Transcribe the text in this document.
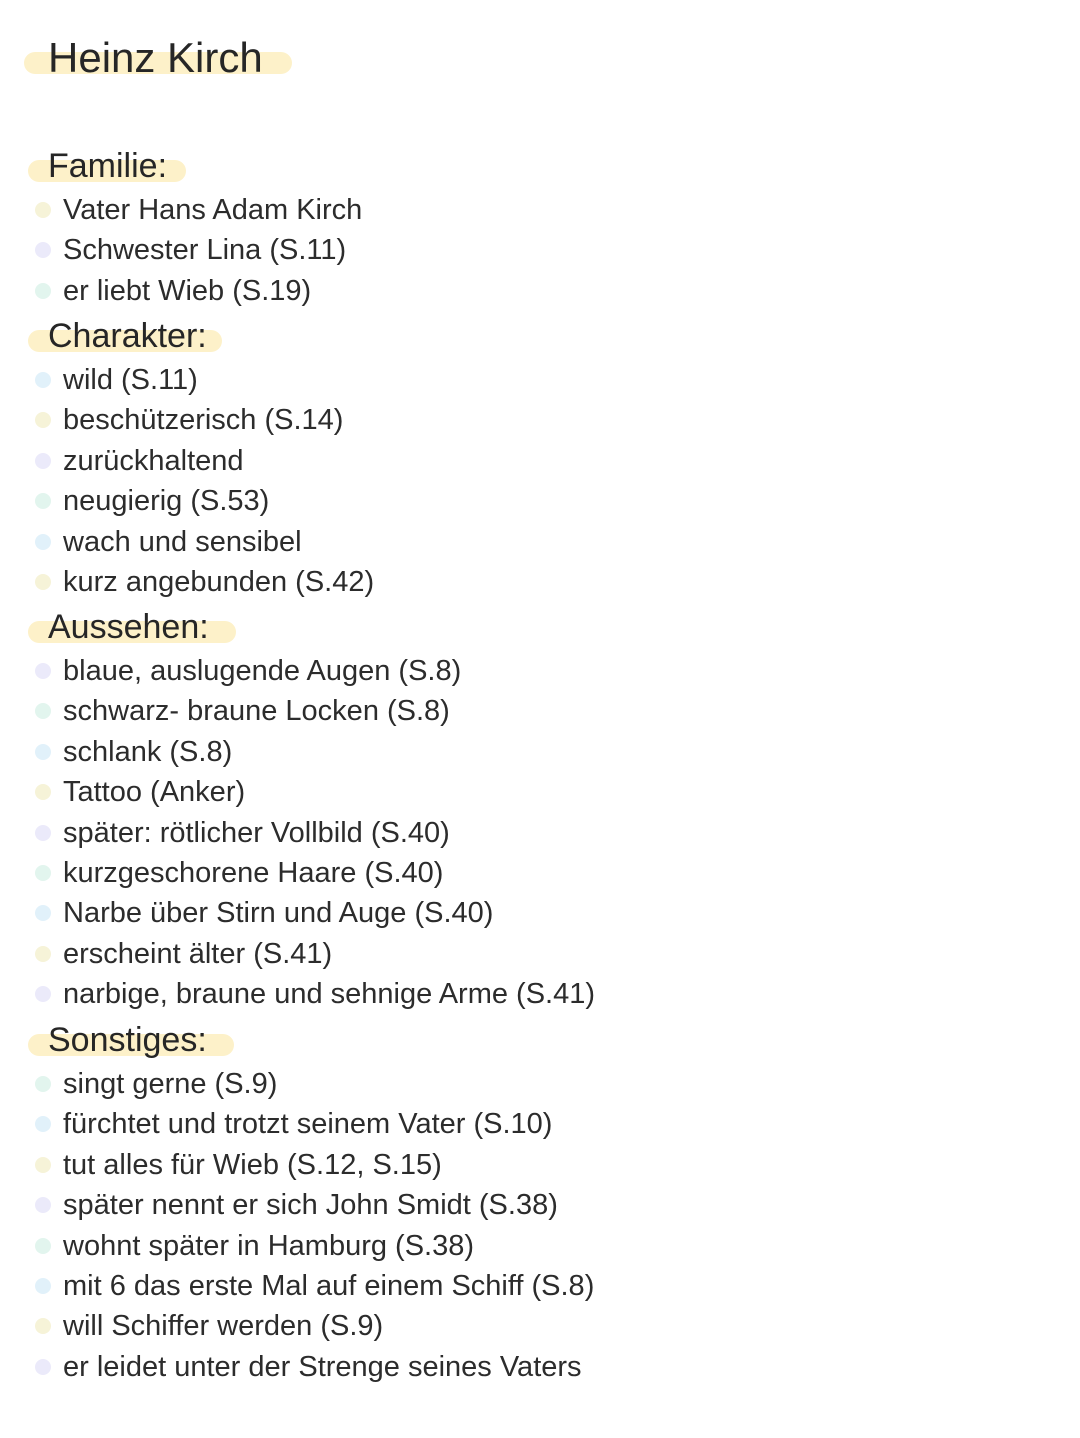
Heinz Kirch
Familie:
Vater Hans Adam Kirch
Schwester Lina (S.11)
er liebt Wieb (S.19)
Charakter:
wild (S.11)
beschützerisch (S.14)
zurückhaltend
neugierig (S.53)
wach und sensibel
kurz angebunden (S.42)
Aussehen:
blaue, auslugende Augen (S.8)
schwarz- braune Locken (S.8)
schlank (S.8)
Tattoo (Anker)
später: rötlicher Vollbild (S.40)
kurzgeschorene Haare (S.40)
Narbe über Stirn und Auge (S.40)
erscheint älter (S.41)
narbige, braune und sehnige Arme (S.41)
Sonstiges:
singt gerne (S.9)
fürchtet und trotzt seinem Vater (S.10)
tut alles für Wieb (S.12, S.15)
später nennt er sich John Smidt (S.38)
wohnt später in Hamburg (S.38)
mit 6 das erste Mal auf einem Schiff (S.8)
will Schiffer werden (S.9)
er leidet unter der Strenge seines Vaters
